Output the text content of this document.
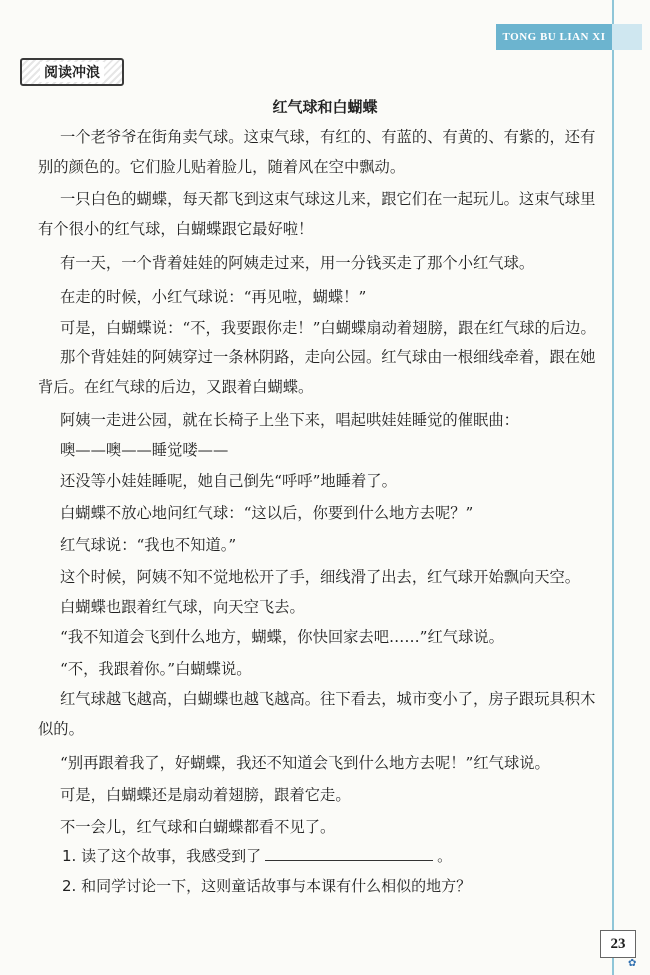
TONG BU LIAN XI
阅读冲浪
红气球和白蝴蝶

一个老爷爷在街角卖气球。这束气球，有红的、有蓝的、有黄的、有紫的，还有别的颜色的。它们脸儿贴着脸儿，随着风在空中飘动。

一只白色的蝴蝶，每天都飞到这束气球这儿来，跟它们在一起玩儿。这束气球里有个很小的红气球，白蝴蝶跟它最好啦！

有一天，一个背着娃娃的阿姨走过来，用一分钱买走了那个小红气球。

在走的时候，小红气球说：“再见啦，蝴蝶！”

可是，白蝴蝶说：“不，我要跟你走！”白蝴蝶扇动着翅膀，跟在红气球的后边。

那个背娃娃的阿姨穿过一条林阴路，走向公园。红气球由一根细线牵着，跟在她背后。在红气球的后边，又跟着白蝴蝶。

阿姨一走进公园，就在长椅子上坐下来，唱起哄娃娃睡觉的催眠曲：

噢——噢——睡觉喽——

还没等小娃娃睡呢，她自己倒先“呼呼”地睡着了。

白蝴蝶不放心地问红气球：“这以后，你要到什么地方去呢？”

红气球说：“我也不知道。”

这个时候，阿姨不知不觉地松开了手，细线滑了出去，红气球开始飘向天空。

白蝴蝶也跟着红气球，向天空飞去。

“我不知道会飞到什么地方，蝴蝶，你快回家去吧……”红气球说。

“不，我跟着你。”白蝴蝶说。

红气球越飞越高，白蝴蝶也越飞越高。往下看去，城市变小了，房子跟玩具积木似的。

“别再跟着我了，好蝴蝶，我还不知道会飞到什么地方去呢！”红气球说。

可是，白蝴蝶还是扇动着翅膀，跟着它走。

不一会儿，红气球和白蝴蝶都看不见了。

1. 读了这个故事，我感受到了	。
2. 和同学讨论一下，这则童话故事与本课有什么相似的地方？
23
✿
